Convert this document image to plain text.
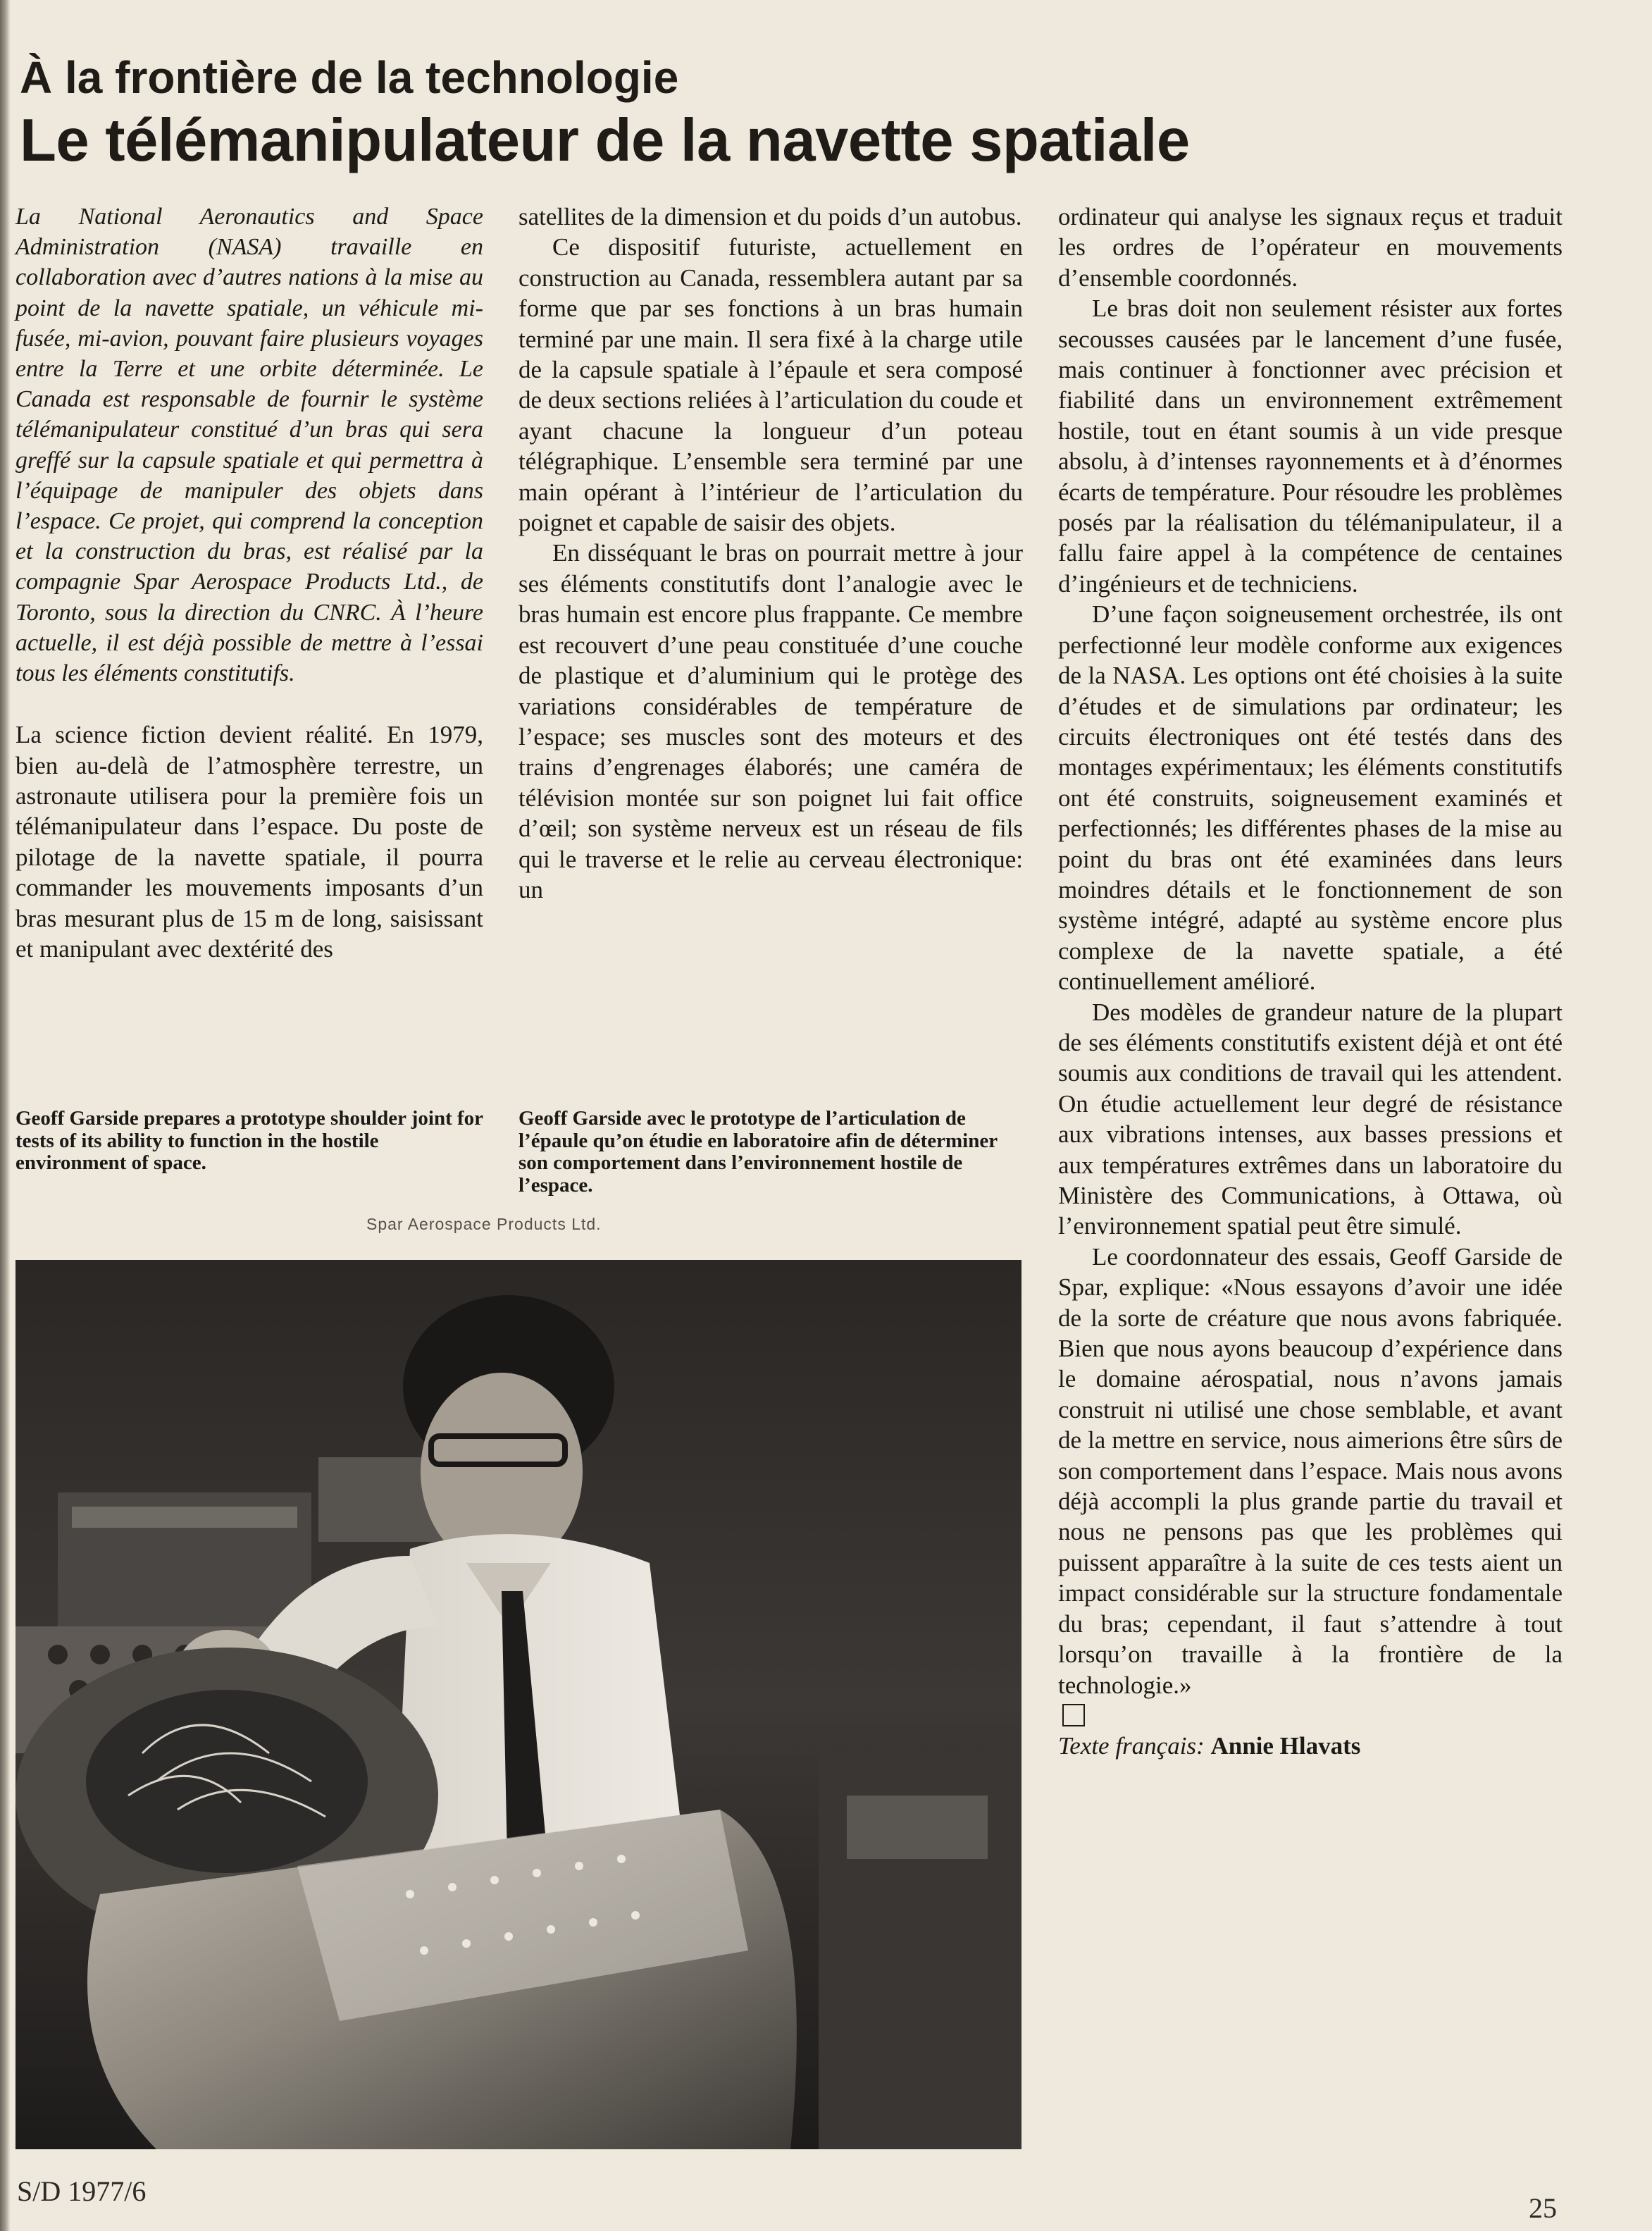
À la frontière de la technologie
Le télémanipulateur de la navette spatiale

La National Aeronautics and Space Administration (NASA) travaille en collaboration avec d’autres nations à la mise au point de la navette spatiale, un véhicule mi-fusée, mi-avion, pouvant faire plusieurs voyages entre la Terre et une orbite déterminée. Le Canada est responsable de fournir le système télémanipulateur constitué d’un bras qui sera greffé sur la capsule spatiale et qui permettra à l’équipage de manipuler des objets dans l’espace. Ce projet, qui comprend la conception et la construction du bras, est réalisé par la compagnie Spar Aerospace Products Ltd., de Toronto, sous la direction du CNRC. À l’heure actuelle, il est déjà possible de mettre à l’essai tous les éléments constitutifs.

La science fiction devient réalité. En 1979, bien au-delà de l’atmosphère terrestre, un astronaute utilisera pour la première fois un télémanipulateur dans l’espace. Du poste de pilotage de la navette spatiale, il pourra commander les mouvements imposants d’un bras mesurant plus de 15 m de long, saisissant et manipulant avec dextérité des

satellites de la dimension et du poids d’un autobus.

Ce dispositif futuriste, actuellement en construction au Canada, ressemblera autant par sa forme que par ses fonctions à un bras humain terminé par une main. Il sera fixé à la charge utile de la capsule spatiale à l’épaule et sera composé de deux sections reliées à l’articulation du coude et ayant chacune la longueur d’un poteau télégraphique. L’ensemble sera terminé par une main opérant à l’intérieur de l’articulation du poignet et capable de saisir des objets.

En disséquant le bras on pourrait mettre à jour ses éléments constitutifs dont l’analogie avec le bras humain est encore plus frappante. Ce membre est recouvert d’une peau constituée d’une couche de plastique et d’aluminium qui le protège des variations considérables de température de l’espace; ses muscles sont des moteurs et des trains d’engrenages élaborés; une caméra de télévision montée sur son poignet lui fait office d’œil; son système nerveux est un réseau de fils qui le traverse et le relie au cerveau électronique: un

ordinateur qui analyse les signaux reçus et traduit les ordres de l’opérateur en mouvements d’ensemble coordonnés.

Le bras doit non seulement résister aux fortes secousses causées par le lancement d’une fusée, mais continuer à fonctionner avec précision et fiabilité dans un environnement extrêmement hostile, tout en étant soumis à un vide presque absolu, à d’intenses rayonnements et à d’énormes écarts de température. Pour résoudre les problèmes posés par la réalisation du télémanipulateur, il a fallu faire appel à la compétence de centaines d’ingénieurs et de techniciens.

D’une façon soigneusement orchestrée, ils ont perfectionné leur modèle conforme aux exigences de la NASA. Les options ont été choisies à la suite d’études et de simulations par ordinateur; les circuits électroniques ont été testés dans des montages expérimentaux; les éléments constitutifs ont été construits, soigneusement examinés et perfectionnés; les différentes phases de la mise au point du bras ont été examinées dans leurs moindres détails et le fonctionnement de son système intégré, adapté au système encore plus complexe de la navette spatiale, a été continuellement amélioré.

Des modèles de grandeur nature de la plupart de ses éléments constitutifs existent déjà et ont été soumis aux conditions de travail qui les attendent. On étudie actuellement leur degré de résistance aux vibrations intenses, aux basses pressions et aux températures extrêmes dans un laboratoire du Ministère des Communications, à Ottawa, où l’environnement spatial peut être simulé.

Le coordonnateur des essais, Geoff Garside de Spar, explique: «Nous essayons d’avoir une idée de la sorte de créature que nous avons fabriquée. Bien que nous ayons beaucoup d’expérience dans le domaine aérospatial, nous n’avons jamais construit ni utilisé une chose semblable, et avant de la mettre en service, nous aimerions être sûrs de son comportement dans l’espace. Mais nous avons déjà accompli la plus grande partie du travail et nous ne pensons pas que les problèmes qui puissent apparaître à la suite de ces tests aient un impact considérable sur la structure fondamentale du bras; cependant, il faut s’attendre à tout lorsqu’on travaille à la frontière de la technologie.»

Texte français: Annie Hlavats

Geoff Garside prepares a prototype shoulder joint for tests of its ability to function in the hostile environment of space.
Geoff Garside avec le prototype de l’articulation de l’épaule qu’on étudie en laboratoire afin de déterminer son comportement dans l’environnement hostile de l’espace.
Spar Aerospace Products Ltd.
S/D 1977/6
25
